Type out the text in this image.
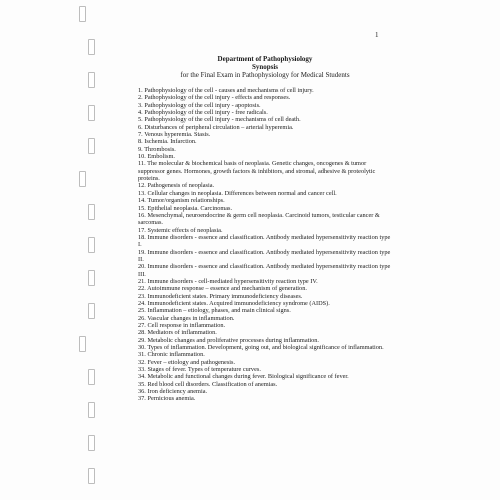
1
Department of Pathophysiology
Synopsis
for the Final Exam in Pathophysiology for Medical Students
1. Pathophysiology of the cell - causes and mechanisms of cell injury.
2. Pathophysiology of the cell injury - effects and responses.
3. Pathophysiology of the cell injury - apoptosis.
4. Pathophysiology of the cell injury - free radicals.
5. Pathophysiology of the cell injury - mechanisms of cell death.
6. Disturbances of peripheral circulation – arterial hyperemia.
7. Venous hyperemia. Stasis.
8. Ischemia. Infarction.
9. Thrombosis.
10. Embolism.
11. The molecular & biochemical basis of neoplasia. Genetic changes, oncogenes & tumor suppressor genes. Hormones, growth factors & inhibitors, and stromal, adhesive & proteolytic proteins.
12. Pathogenesis of neoplasia.
13. Cellular changes in neoplasia. Differences between normal and cancer cell.
14. Tumor/organism relationships.
15. Epithelial neoplasia. Carcinomas.
16. Mesenchymal, neuroendocrine & germ cell neoplasia. Carcinoid tumors, testicular cancer & sarcomas.
17. Systemic effects of neoplasia.
18. Immune disorders - essence and classification. Antibody mediated hypersensitivity reaction type I.
19. Immune disorders - essence and classification. Antibody mediated hypersensitivity reaction type II.
20. Immune disorders - essence and classification. Antibody mediated hypersensitivity reaction type III.
21. Immune disorders - cell-mediated hypersensitivity reaction type IV.
22. Autoimmune response – essence and mechanism of generation.
23. Immunodeficient states. Primary immunodeficiency diseases.
24. Immunodeficient states. Acquired immunodeficiency syndrome (AIDS).
25. Inflammation – etiology, phases, and main clinical signs.
26. Vascular changes in inflammation.
27. Cell response in inflammation.
28. Mediators of inflammation.
29. Metabolic changes and proliferative processes during inflammation.
30. Types of inflammation. Development, going out, and biological significance of inflammation.
31. Chronic inflammation.
32. Fever – etiology and pathogenesis.
33. Stages of fever. Types of temperature curves.
34. Metabolic and functional changes during fever. Biological significance of fever.
35. Red blood cell disorders. Classification of anemias.
36. Iron deficiency anemia.
37. Pernicious anemia.
